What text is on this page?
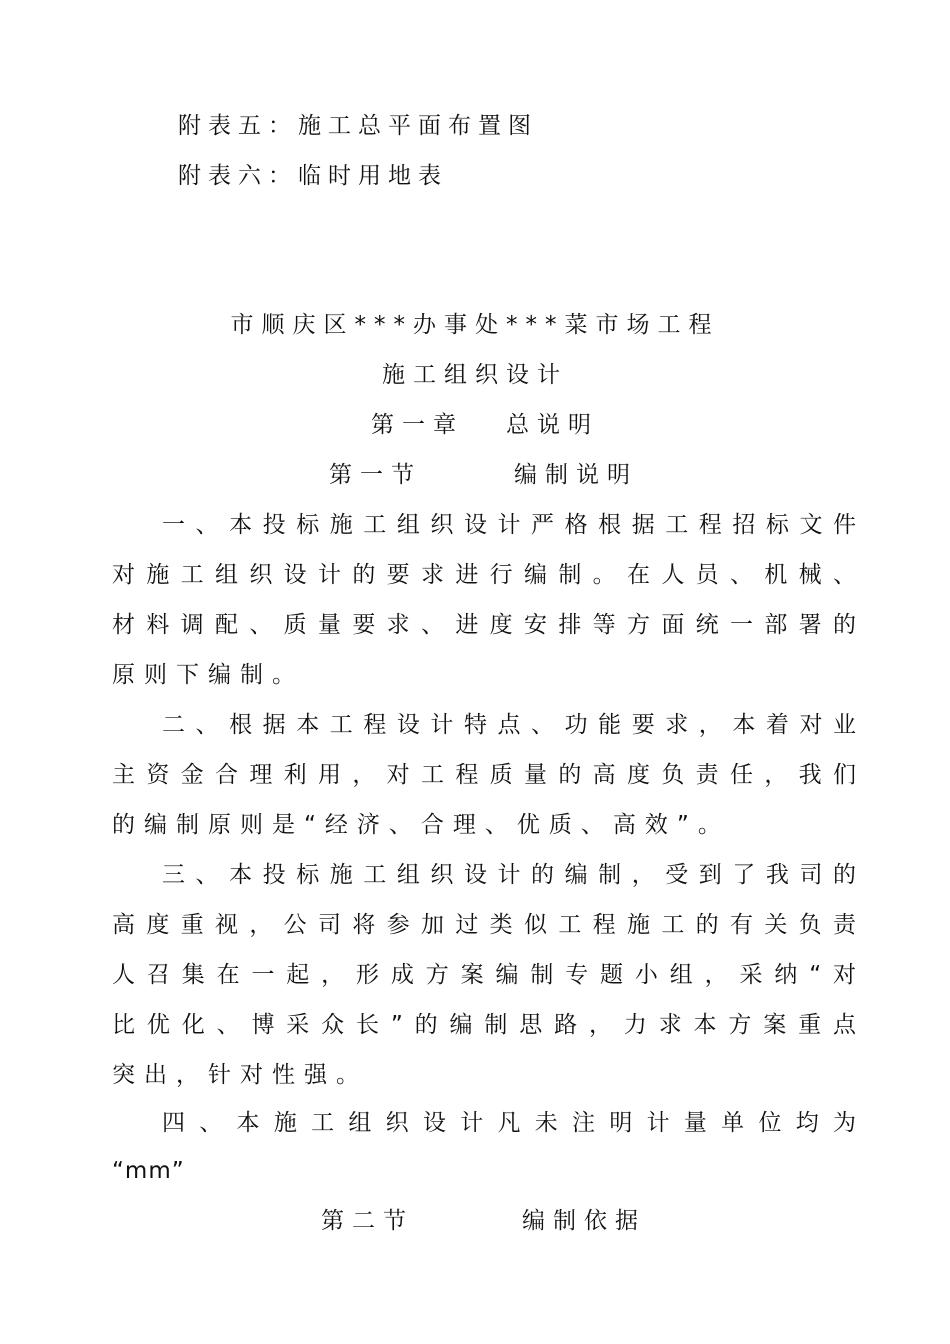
附表五：施工总平面布置图
附表六：临时用地表
市顺庆区***办事处***菜市场工程
施工组织设计
第一章 总说明
第一节	编制说明
一、本投标施工组织设计严格根据工程招标文件
对施工组织设计的要求进行编制。在人员、机械、
材料调配、质量要求、进度安排等方面统一部署的
原则下编制。
二、根据本工程设计特点、功能要求，本着对业
主资金合理利用，对工程质量的高度负责任，我们
的编制原则是“经济、合理、优质、高效”。
三、本投标施工组织设计的编制，受到了我司的
高度重视，公司将参加过类似工程施工的有关负责
人召集在一起，形成方案编制专题小组，采纳“对
比优化、博采众长”的编制思路，力求本方案重点
突出，针对性强。
四、本施工组织设计凡未注明计量单位均为
“mm”
第二节	编制依据
